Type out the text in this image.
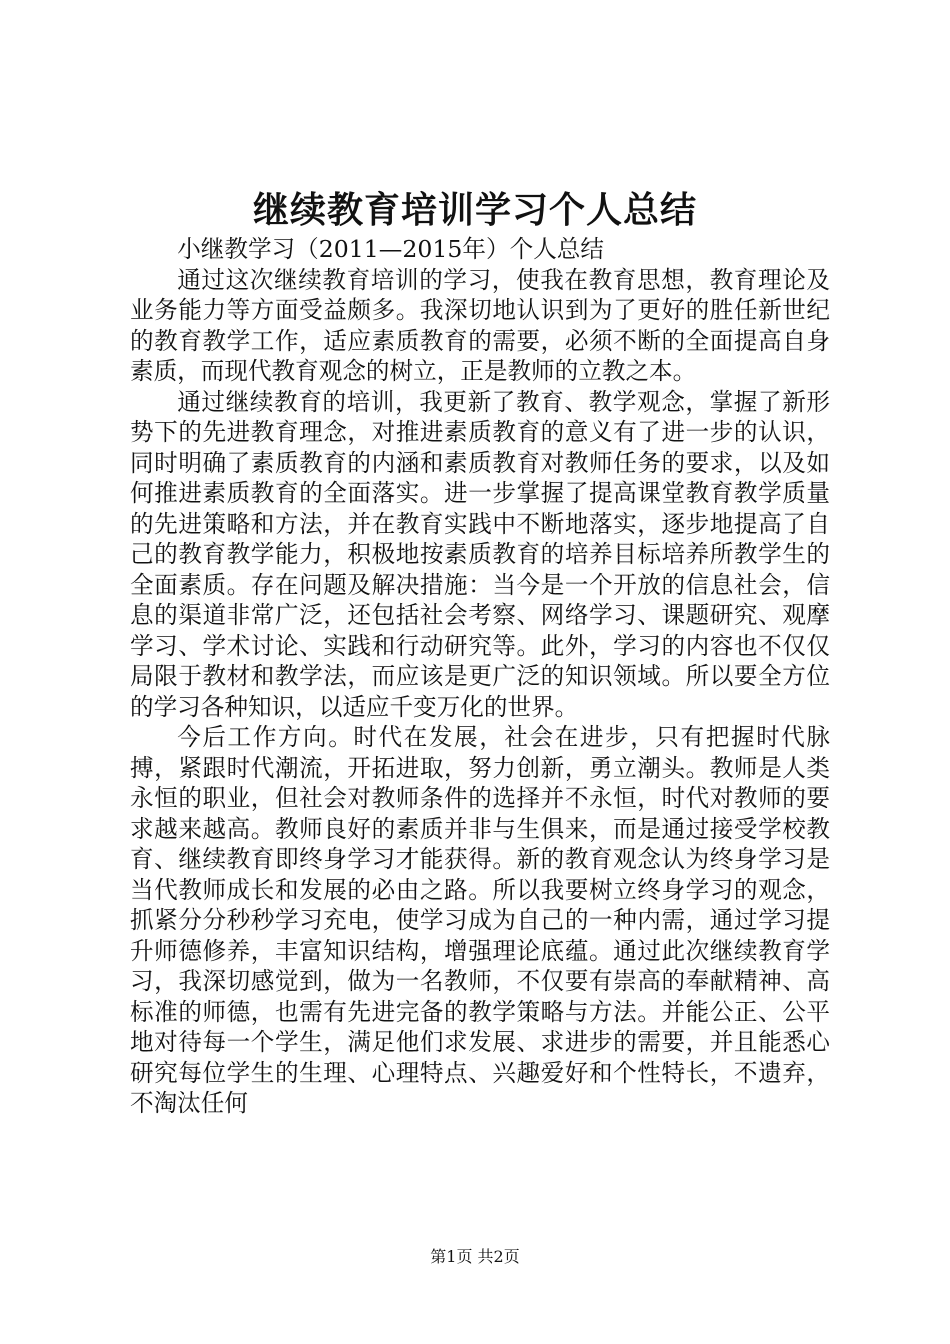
继续教育培训学习个人总结

小继教学习（2011—2015年）个人总结

通过这次继续教育培训的学习，使我在教育思想，教育理论及业务能力等方面受益颇多。我深切地认识到为了更好的胜任新世纪的教育教学工作，适应素质教育的需要，必须不断的全面提高自身素质，而现代教育观念的树立，正是教师的立教之本。

通过继续教育的培训，我更新了教育、教学观念，掌握了新形势下的先进教育理念，对推进素质教育的意义有了进一步的认识，同时明确了素质教育的内涵和素质教育对教师任务的要求，以及如何推进素质教育的全面落实。进一步掌握了提高课堂教育教学质量的先进策略和方法，并在教育实践中不断地落实，逐步地提高了自己的教育教学能力，积极地按素质教育的培养目标培养所教学生的全面素质。存在问题及解决措施：当今是一个开放的信息社会，信息的渠道非常广泛，还包括社会考察、网络学习、课题研究、观摩学习、学术讨论、实践和行动研究等。此外，学习的内容也不仅仅局限于教材和教学法，而应该是更广泛的知识领域。所以要全方位的学习各种知识，以适应千变万化的世界。

今后工作方向。时代在发展，社会在进步，只有把握时代脉搏，紧跟时代潮流，开拓进取，努力创新，勇立潮头。教师是人类永恒的职业，但社会对教师条件的选择并不永恒，时代对教师的要求越来越高。教师良好的素质并非与生俱来，而是通过接受学校教育、继续教育即终身学习才能获得。新的教育观念认为终身学习是当代教师成长和发展的必由之路。所以我要树立终身学习的观念，抓紧分分秒秒学习充电，使学习成为自己的一种内需，通过学习提升师德修养，丰富知识结构，增强理论底蕴。通过此次继续教育学习，我深切感觉到，做为一名教师，不仅要有崇高的奉献精神、高标准的师德，也需有先进完备的教学策略与方法。并能公正、公平地对待每一个学生，满足他们求发展、求进步的需要，并且能悉心研究每位学生的生理、心理特点、兴趣爱好和个性特长，不遗弃，不淘汰任何

第1页 共2页
